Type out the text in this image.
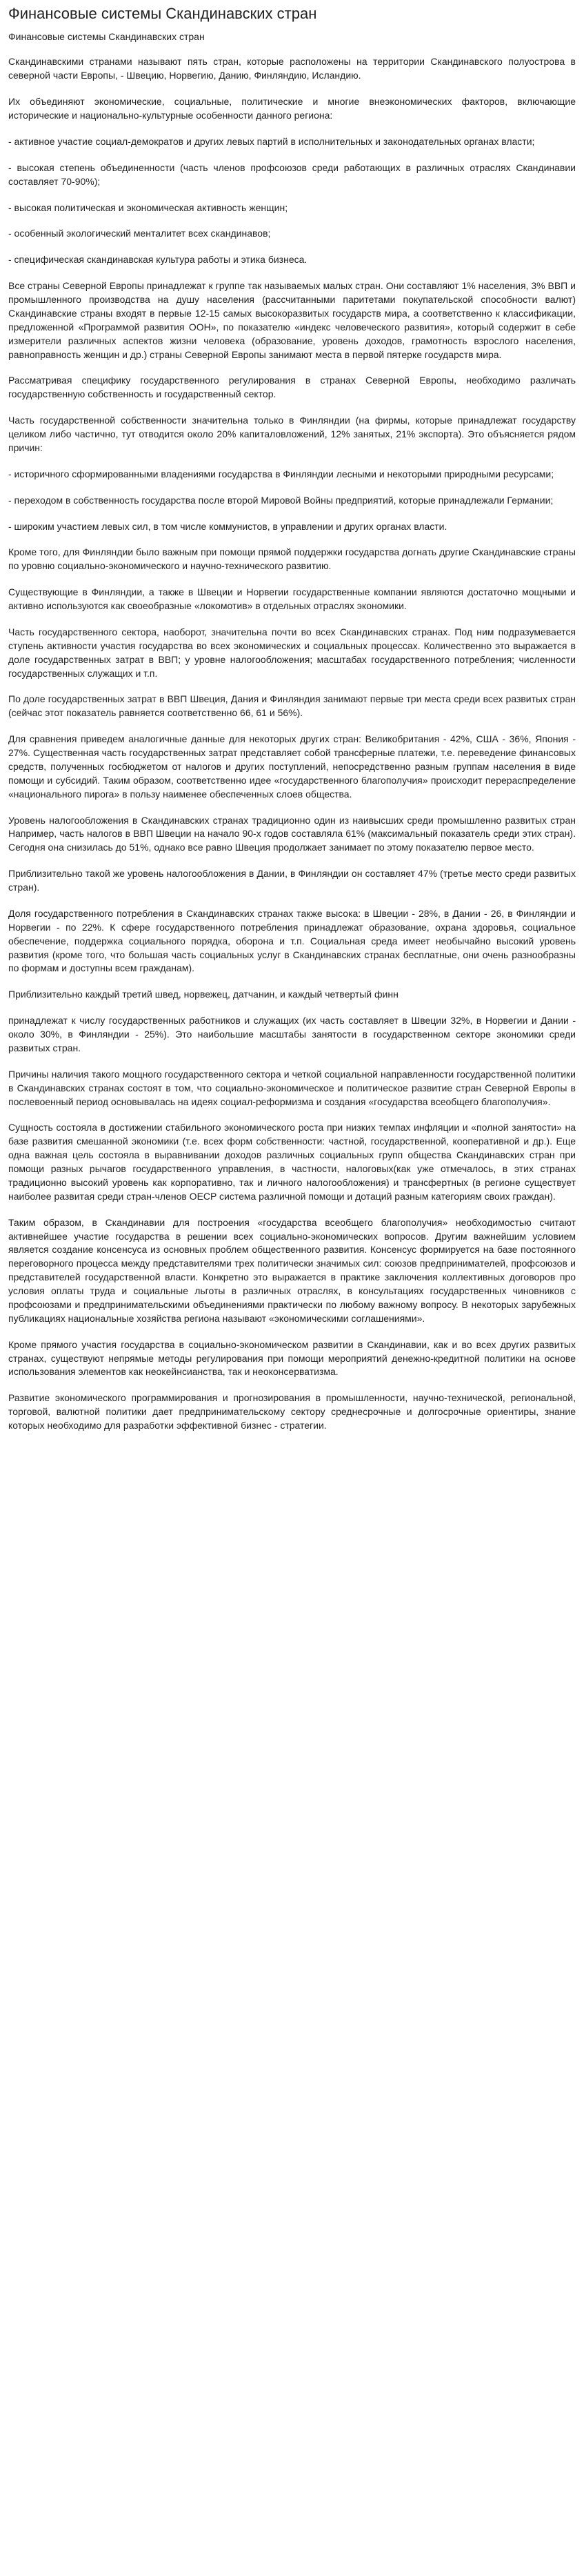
Финансовые системы Скандинавских стран

Финансовые системы Скандинавских стран

Скандинавскими странами называют пять стран, которые расположены на территории Скандинавского полуострова в северной части Европы, - Швецию, Норвегию, Данию, Финляндию, Исландию.

Их объединяют экономические, социальные, политические и многие внеэкономических факторов, включающие исторические и национально-культурные особенности данного региона:

- активное участие социал-демократов и других левых партий в исполнительных и законодательных органах власти;

- высокая степень объединенности (часть членов профсоюзов среди работающих в различных отраслях Скандинавии составляет 70-90%);

- высокая политическая и экономическая активность женщин;

- особенный экологический менталитет всех скандинавов;

- специфическая скандинавская культура работы и этика бизнеса.

Все страны Северной Европы принадлежат к группе так называемых малых стран. Они составляют 1% населения, 3% ВВП и промышленного производства на душу населения (рассчитанными паритетами покупательской способности валют) Скандинавские страны входят в первые 12-15 самых высокоразвитых государств мира, а соответственно к классификации, предложенной «Программой развития ООН», по показателю «индекс человеческого развития», который содержит в себе измерители различных аспектов жизни человека (образование, уровень доходов, грамотность взрослого населения, равноправность женщин и др.) страны Северной Европы занимают места в первой пятерке государств мира.

Рассматривая специфику государственного регулирования в странах Северной Европы, необходимо различать государственную собственность и государственный сектор.

Часть государственной собственности значительна только в Финляндии (на фирмы, которые принадлежат государству целиком либо частично, тут отводится около 20% капиталовложений, 12% занятых, 21% экспорта). Это объясняется рядом причин:

- историчного сформированными владениями государства в Финляндии лесными и некоторыми природными ресурсами;

- переходом в собственность государства после второй Мировой Войны предприятий, которые принадлежали Германии;

- широким участием левых сил, в том числе коммунистов, в управлении и других органах власти.

Кроме того, для Финляндии было важным при помощи прямой поддержки государства догнать другие Скандинавские страны по уровню социально-экономического и научно-технического развитию.

Существующие в Финляндии, а также в Швеции и Норвегии государственные компании являются достаточно мощными и активно используются как своеобразные «локомотив» в отдельных отраслях экономики.

Часть государственного сектора, наоборот, значительна почти во всех Скандинавских странах. Под ним подразумевается ступень активности участия государства во всех экономических и социальных процессах. Количественно это выражается в доле государственных затрат в ВВП; у уровне налогообложения; масштабах государственного потребления; численности государственных служащих и т.п.

По доле государственных затрат в ВВП Швеция, Дания и Финляндия занимают первые три места среди всех развитых стран (сейчас этот показатель равняется соответственно 66, 61 и 56%).

Для сравнения приведем аналогичные данные для некоторых других стран: Великобритания - 42%, США - 36%, Япония - 27%. Существенная часть государственных затрат представляет собой трансферные платежи, т.е. переведение финансовых средств, полученных госбюджетом от налогов и других поступлений, непосредственно разным группам населения в виде помощи и субсидий. Таким образом, соответственно идее «государственного благополучия» происходит перераспределение «национального пирога» в пользу наименее обеспеченных слоев общества.

Уровень налогообложения в Скандинавских странах традиционно один из наивысших среди промышленно развитых стран Например, часть налогов в ВВП Швеции на начало 90-х годов составляла 61% (максимальный показатель среди этих стран). Сегодня она снизилась до 51%, однако все равно Швеция продолжает занимает по этому показателю первое место.

Приблизительно такой же уровень налогообложения в Дании, в Финляндии он составляет 47% (третье место среди развитых стран).

Доля государственного потребления в Скандинавских странах также высока: в Швеции - 28%, в Дании - 26, в Финляндии и Норвегии - по 22%. К сфере государственного потребления принадлежат образование, охрана здоровья, социальное обеспечение, поддержка социального порядка, оборона и т.п. Социальная среда имеет необычайно высокий уровень развития (кроме того, что большая часть социальных услуг в Скандинавских странах бесплатные, они очень разнообразны по формам и доступны всем гражданам).

Приблизительно каждый третий швед, норвежец, датчанин, и каждый четвертый финн

принадлежат к числу государственных работников и служащих (их часть составляет в Швеции 32%, в Норвегии и Дании - около 30%, в Финляндии - 25%). Это наибольшие масштабы занятости в государственном секторе экономики среди развитых стран.

Причины наличия такого мощного государственного сектора и четкой социальной направленности государственной политики в Скандинавских странах состоят в том, что социально-экономическое и политическое развитие стран Северной Европы в послевоенный период основывалась на идеях социал-реформизма и создания «государства всеобщего благополучия».

Сущность состояла в достижении стабильного экономического роста при низких темпах инфляции и «полной занятости» на базе развития смешанной экономики (т.е. всех форм собственности: частной, государственной, кооперативной и др.). Еще одна важная цель состояла в выравнивании доходов различных социальных групп общества Скандинавских стран при помощи разных рычагов государственного управления, в частности, налоговых(как уже отмечалось, в этих странах традиционно высокий уровень как корпоративно, так и личного налогообложения) и трансфертных (в регионе существует наиболее развитая среди стран-членов OECP система различной помощи и дотаций разным категориям своих граждан).

Таким образом, в Скандинавии для построения «государства всеобщего благополучия» необходимостью считают активнейшее участие государства в решении всех социально-экономических вопросов. Другим важнейшим условием является создание консенсуса из основных проблем общественного развития. Консенсус формируется на базе постоянного переговорного процесса между представителями трех политически значимых сил: союзов предпринимателей, профсоюзов и представителей государственной власти. Конкретно это выражается в практике заключения коллективных договоров про условия оплаты труда и социальные льготы в различных отраслях, в консультациях государственных чиновников с профсоюзами и предпринимательскими объединениями практически по любому важному вопросу. В некоторых зарубежных публикациях национальные хозяйства региона называют «экономическими соглашениями».

Кроме прямого участия государства в социально-экономическом развитии в Скандинавии, как и во всех других развитых странах, существуют непрямые методы регулирования при помощи мероприятий денежно-кредитной политики на основе использования элементов как неокейнсианства, так и неоконсерватизма.

Развитие экономического программирования и прогнозирования в промышленности, научно-технической, региональной, торговой, валютной политики дает предпринимательскому сектору среднесрочные и долгосрочные ориентиры, знание которых необходимо для разработки эффективной бизнес - стратегии.
